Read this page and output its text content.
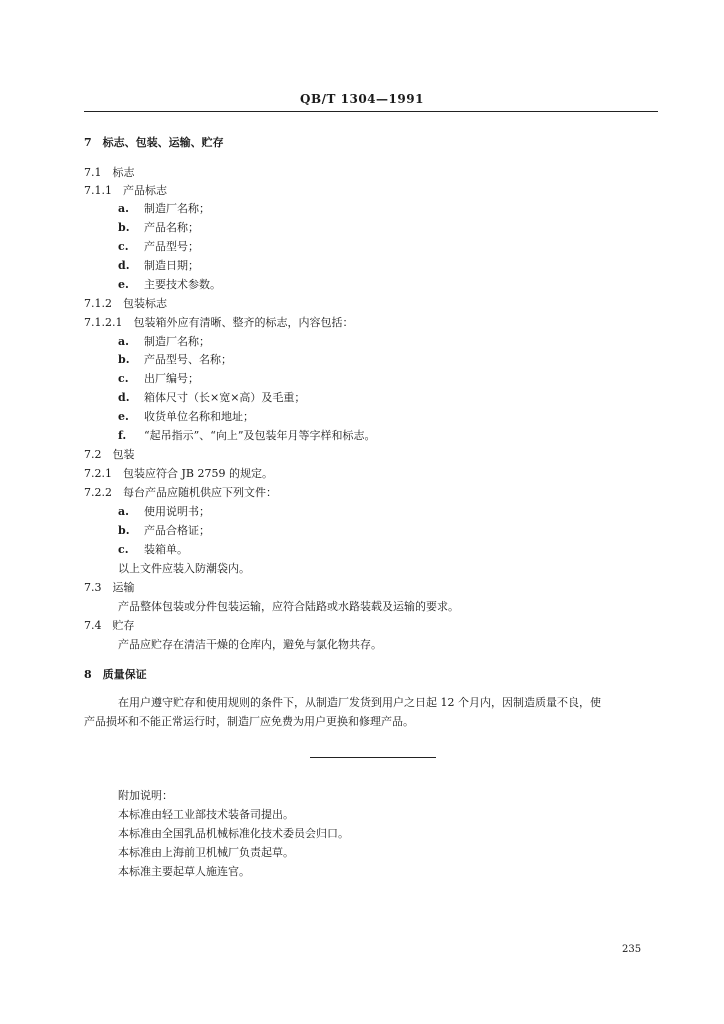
QB/T 1304—1991
7　标志、包装、运输、贮存
7.1　标志
7.1.1　产品标志
a. 制造厂名称；
b. 产品名称；
c. 产品型号；
d. 制造日期；
e. 主要技术参数。
7.1.2　包装标志
7.1.2.1　包装箱外应有清晰、整齐的标志，内容包括：
a. 制造厂名称；
b. 产品型号、名称；
c. 出厂编号；
d. 箱体尺寸（长×宽×高）及毛重；
e. 收货单位名称和地址；
f. “起吊指示”、“向上”及包装年月等字样和标志。
7.2　包装
7.2.1　包装应符合 JB 2759 的规定。
7.2.2　每台产品应随机供应下列文件：
a. 使用说明书；
b. 产品合格证；
c. 装箱单。
以上文件应装入防潮袋内。
7.3　运输
产品整体包装或分件包装运输，应符合陆路或水路装载及运输的要求。
7.4　贮存
产品应贮存在清洁干燥的仓库内，避免与氯化物共存。
8　质量保证
在用户遵守贮存和使用规则的条件下，从制造厂发货到用户之日起 12 个月内，因制造质量不良，使
产品损坏和不能正常运行时，制造厂应免费为用户更换和修理产品。
附加说明：
本标准由轻工业部技术装备司提出。
本标准由全国乳品机械标准化技术委员会归口。
本标准由上海前卫机械厂负责起草。
本标准主要起草人施连官。
235
